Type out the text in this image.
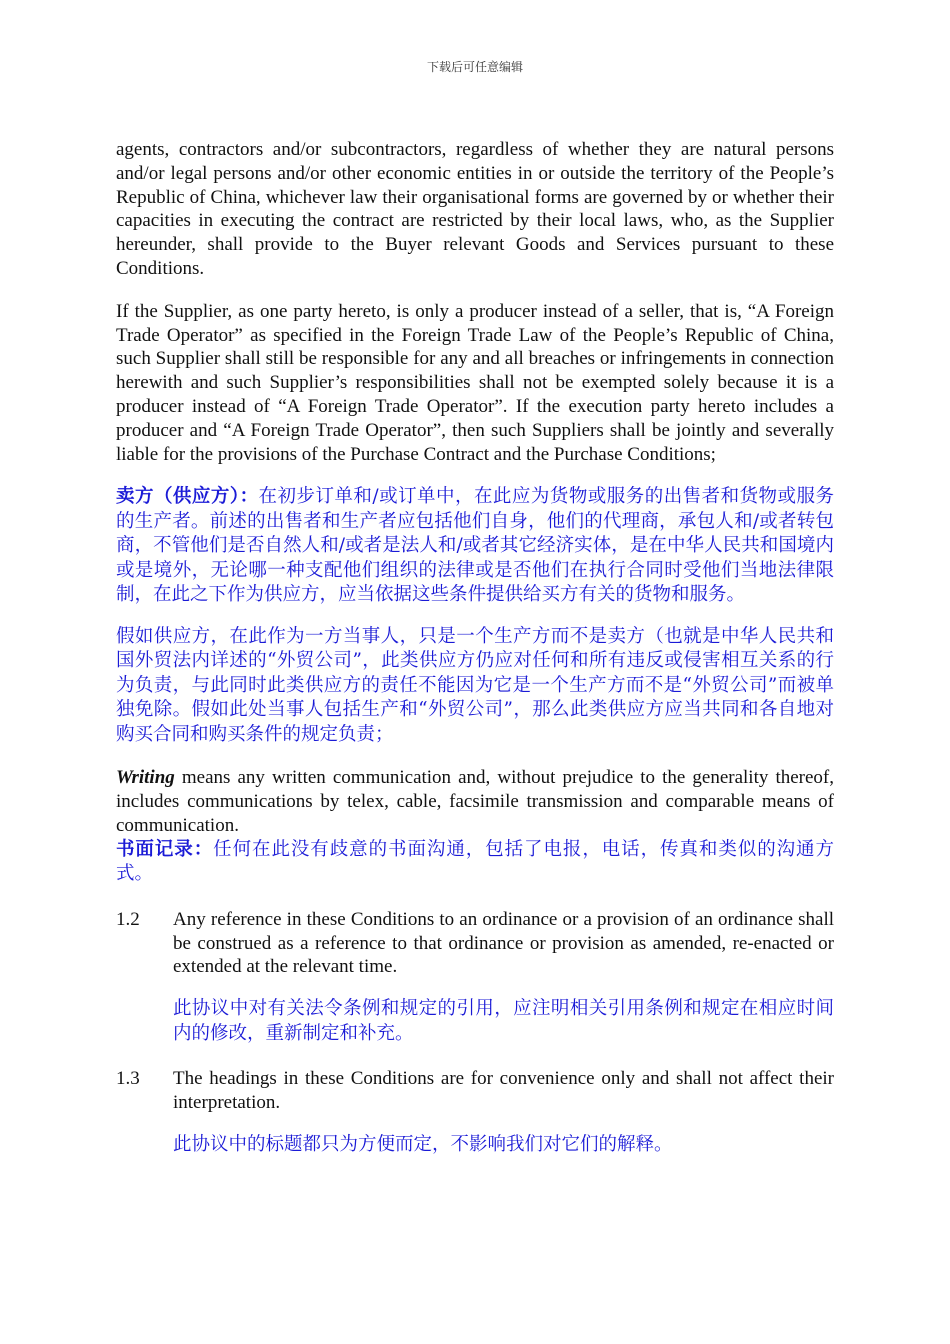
下载后可任意编辑

agents, contractors and/or subcontractors, regardless of whether they are natural persons and/or legal persons and/or other economic entities in or outside the territory of the People’s Republic of China, whichever law their organisational forms are governed by or whether their capacities in executing the contract are restricted by their local laws, who, as the Supplier hereunder, shall provide to the Buyer relevant Goods and Services pursuant to these Conditions.

If the Supplier, as one party hereto, is only a producer instead of a seller, that is, “A Foreign Trade Operator” as specified in the Foreign Trade Law of the People’s Republic of China, such Supplier shall still be responsible for any and all breaches or infringements in connection herewith and such Supplier’s responsibilities shall not be exempted solely because it is a producer instead of “A Foreign Trade Operator”. If the execution party hereto includes a producer and “A Foreign Trade Operator”, then such Suppliers shall be jointly and severally liable for the provisions of the Purchase Contract and the Purchase Conditions;

卖方（供应方）：在初步订单和/或订单中，在此应为货物或服务的出售者和货物或服务的生产者。前述的出售者和生产者应包括他们自身，他们的代理商，承包人和/或者转包商，不管他们是否自然人和/或者是法人和/或者其它经济实体，是在中华人民共和国境内或是境外，无论哪一种支配他们组织的法律或是否他们在执行合同时受他们当地法律限制，在此之下作为供应方，应当依据这些条件提供给买方有关的货物和服务。

假如供应方，在此作为一方当事人，只是一个生产方而不是卖方（也就是中华人民共和国外贸法内详述的“外贸公司”，此类供应方仍应对任何和所有违反或侵害相互关系的行为负责，与此同时此类供应方的责任不能因为它是一个生产方而不是“外贸公司”而被单独免除。假如此处当事人包括生产和“外贸公司”，那么此类供应方应当共同和各自地对购买合同和购买条件的规定负责；

Writing means any written communication and, without prejudice to the generality thereof, includes communications by telex, cable, facsimile transmission and comparable means of communication.

书面记录：任何在此没有歧意的书面沟通，包括了电报，电话，传真和类似的沟通方式。

1.2	Any reference in these Conditions to an ordinance or a provision of an ordinance shall be construed as a reference to that ordinance or provision as amended, re-enacted or extended at the relevant time.

此协议中对有关法令条例和规定的引用，应注明相关引用条例和规定在相应时间内的修改，重新制定和补充。

1.3	The headings in these Conditions are for convenience only and shall not affect their interpretation.

此协议中的标题都只为方便而定，不影响我们对它们的解释。
